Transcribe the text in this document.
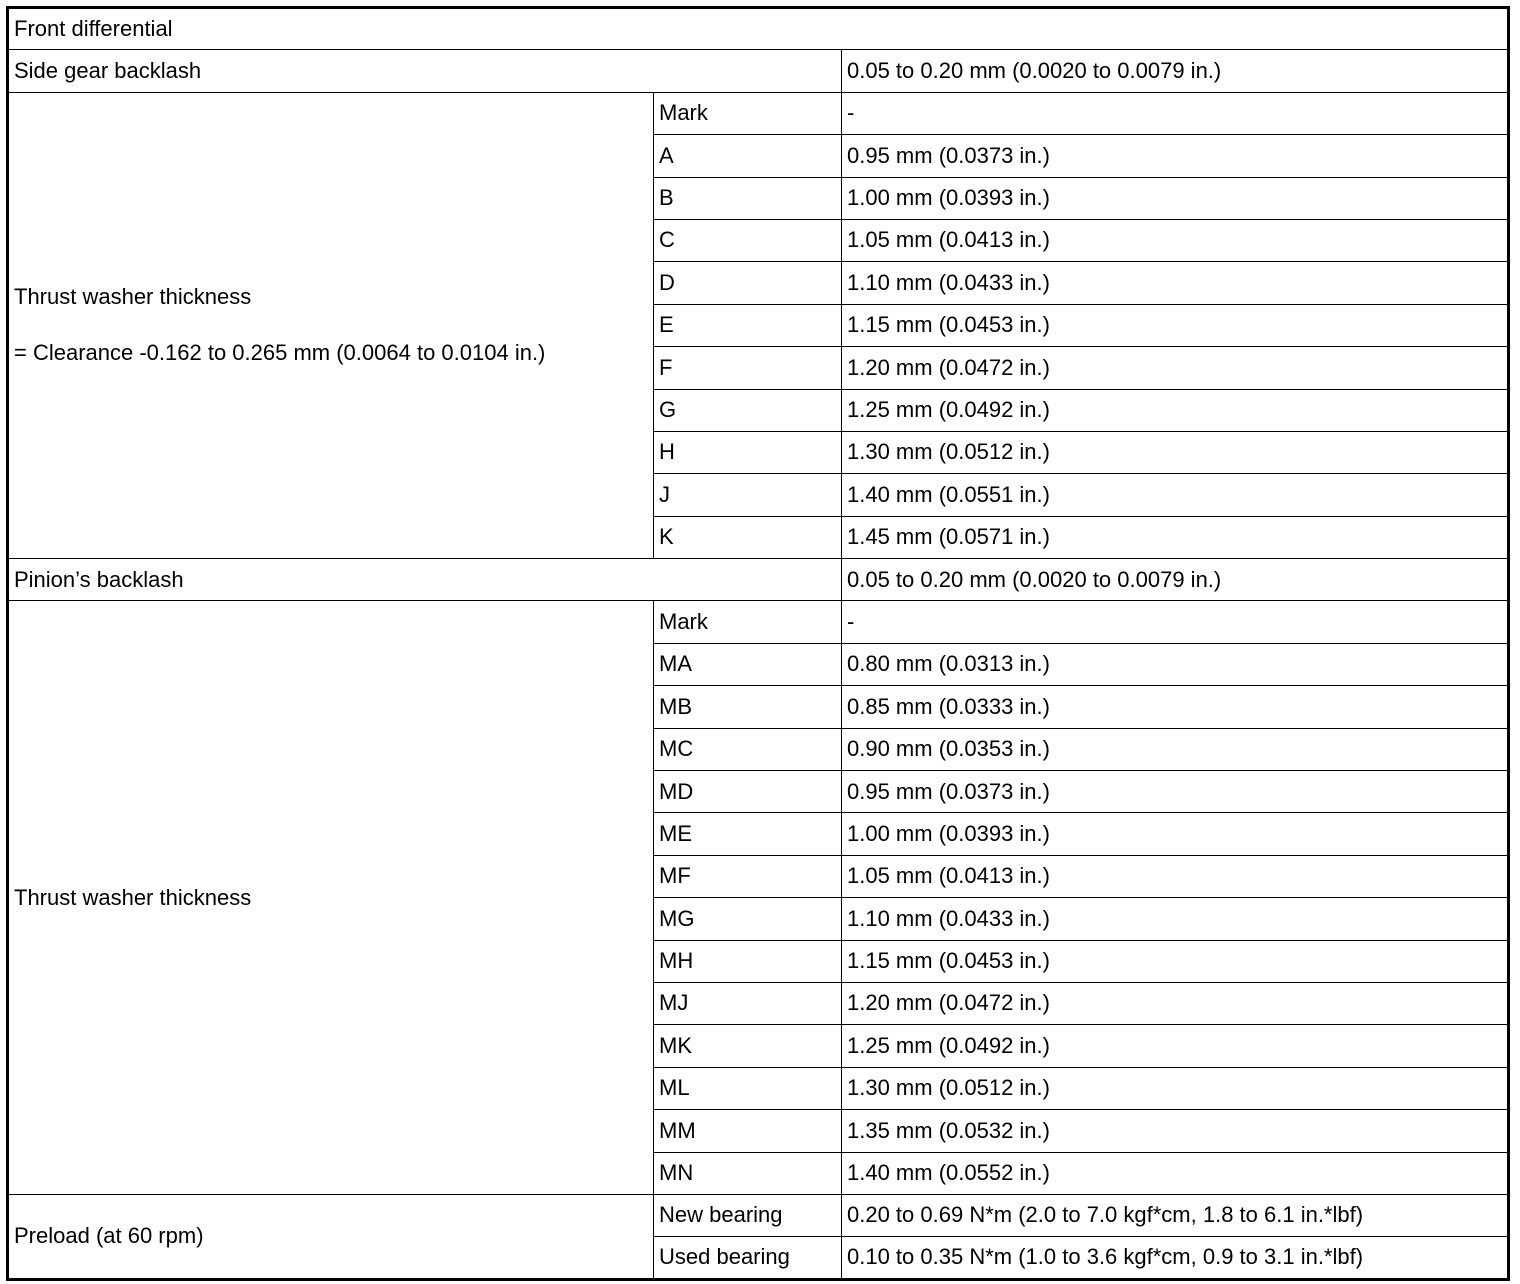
Front differential		
Side gear backlash		0.05 to 0.20 mm (0.0020 to 0.0079 in.)

Thrust washer thickness
= Clearance -0.162 to 0.265 mm (0.0064 to 0.0104 in.)	Mark	-
	A	0.95 mm (0.0373 in.)
	B	1.00 mm (0.0393 in.)
	C	1.05 mm (0.0413 in.)
	D	1.10 mm (0.0433 in.)
	E	1.15 mm (0.0453 in.)
	F	1.20 mm (0.0472 in.)
	G	1.25 mm (0.0492 in.)
	H	1.30 mm (0.0512 in.)
	J	1.40 mm (0.0551 in.)
	K	1.45 mm (0.0571 in.)
Pinion’s backlash		0.05 to 0.20 mm (0.0020 to 0.0079 in.)
Thrust washer thickness	Mark	-
	MA	0.80 mm (0.0313 in.)
	MB	0.85 mm (0.0333 in.)
	MC	0.90 mm (0.0353 in.)
	MD	0.95 mm (0.0373 in.)
	ME	1.00 mm (0.0393 in.)
	MF	1.05 mm (0.0413 in.)
	MG	1.10 mm (0.0433 in.)
	MH	1.15 mm (0.0453 in.)
	MJ	1.20 mm (0.0472 in.)
	MK	1.25 mm (0.0492 in.)
	ML	1.30 mm (0.0512 in.)
	MM	1.35 mm (0.0532 in.)
	MN	1.40 mm (0.0552 in.)
Preload (at 60 rpm)	New bearing	0.20 to 0.69 N*m (2.0 to 7.0 kgf*cm, 1.8 to 6.1 in.*lbf)
	Used bearing	0.10 to 0.35 N*m (1.0 to 3.6 kgf*cm, 0.9 to 3.1 in.*lbf)
